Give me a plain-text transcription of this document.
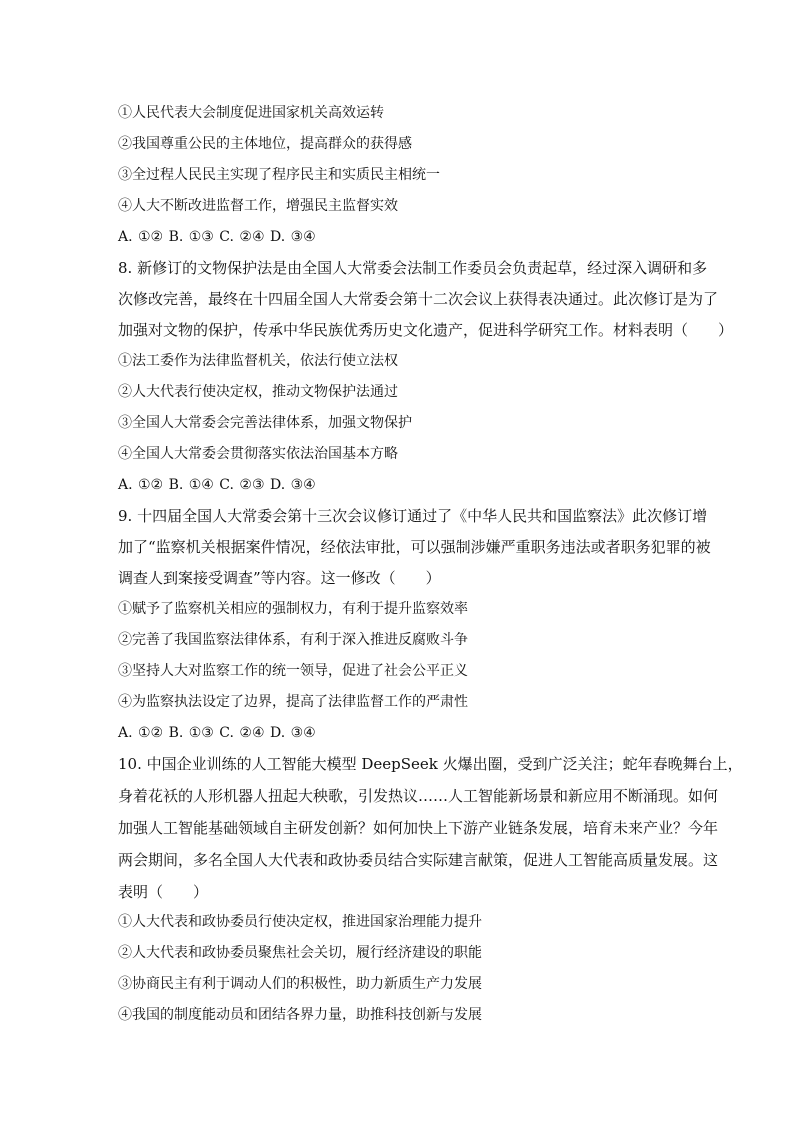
①人民代表大会制度促进国家机关高效运转
②我国尊重公民的主体地位，提高群众的获得感
③全过程人民民主实现了程序民主和实质民主相统一
④人大不断改进监督工作，增强民主监督实效
A. ①② B. ①③ C. ②④ D. ③④
8. 新修订的文物保护法是由全国人大常委会法制工作委员会负责起草，经过深入调研和多
次修改完善，最终在十四届全国人大常委会第十二次会议上获得表决通过。此次修订是为了
加强对文物的保护，传承中华民族优秀历史文化遗产，促进科学研究工作。材料表明（　　）
①法工委作为法律监督机关，依法行使立法权
②人大代表行使决定权，推动文物保护法通过
③全国人大常委会完善法律体系，加强文物保护
④全国人大常委会贯彻落实依法治国基本方略
A. ①② B. ①④ C. ②③ D. ③④
9. 十四届全国人大常委会第十三次会议修订通过了《中华人民共和国监察法》此次修订增
加了“监察机关根据案件情况，经依法审批，可以强制涉嫌严重职务违法或者职务犯罪的被
调查人到案接受调查”等内容。这一修改（　　）
①赋予了监察机关相应的强制权力，有利于提升监察效率
②完善了我国监察法律体系，有利于深入推进反腐败斗争
③坚持人大对监察工作的统一领导，促进了社会公平正义
④为监察执法设定了边界，提高了法律监督工作的严肃性
A. ①② B. ①③ C. ②④ D. ③④
10. 中国企业训练的人工智能大模型 DeepSeek 火爆出圈，受到广泛关注；蛇年春晚舞台上，
身着花袄的人形机器人扭起大秧歌，引发热议……人工智能新场景和新应用不断涌现。如何
加强人工智能基础领域自主研发创新？如何加快上下游产业链条发展，培育未来产业？今年
两会期间，多名全国人大代表和政协委员结合实际建言献策，促进人工智能高质量发展。这
表明（　　）
①人大代表和政协委员行使决定权，推进国家治理能力提升
②人大代表和政协委员聚焦社会关切，履行经济建设的职能
③协商民主有利于调动人们的积极性，助力新质生产力发展
④我国的制度能动员和团结各界力量，助推科技创新与发展
